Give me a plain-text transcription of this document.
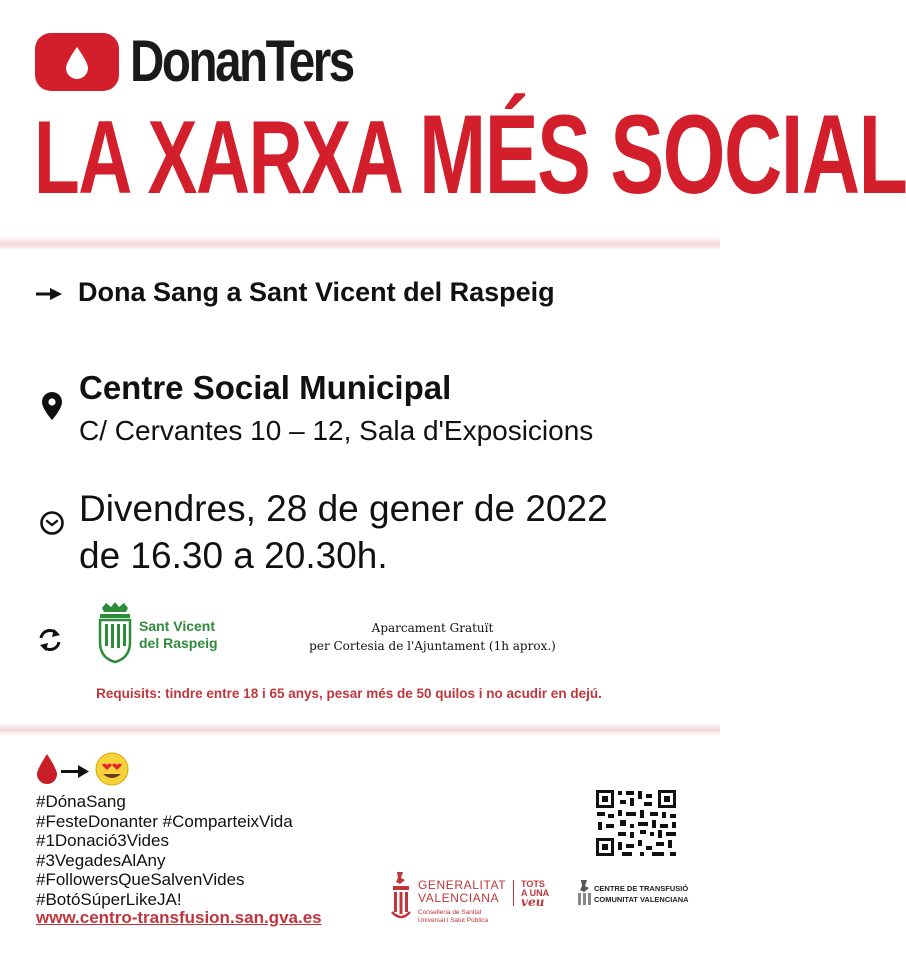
DonanTers
LA XARXA MÉS SOCIAL
Dona Sang a Sant Vicent del Raspeig
Centre Social Municipal
C/ Cervantes 10 – 12, Sala d'Exposicions
Divendres, 28 de gener de 2022
de 16.30 a 20.30h.
Sant Vicent
del Raspeig
Aparcament Gratuït
per Cortesia de l'Ajuntament (1h aprox.)
Requisits: tindre entre 18 i 65 anys, pesar més de 50 quilos i no acudir en dejú.
#DónaSang
#FesteDonanter #ComparteixVida
#1Donació3Vides
#3VegadesAlAny
#FollowersQueSalvenVides
#BotóSúperLikeJA!
www.centro-transfusion.san.gva.es
GENERALITAT
VALENCIANA
Conselleria de Sanitat
Universal i Salut Pública
TOTS
A UNA
veu
CENTRE DE TRANSFUSIÓ
COMUNITAT VALENCIANA
